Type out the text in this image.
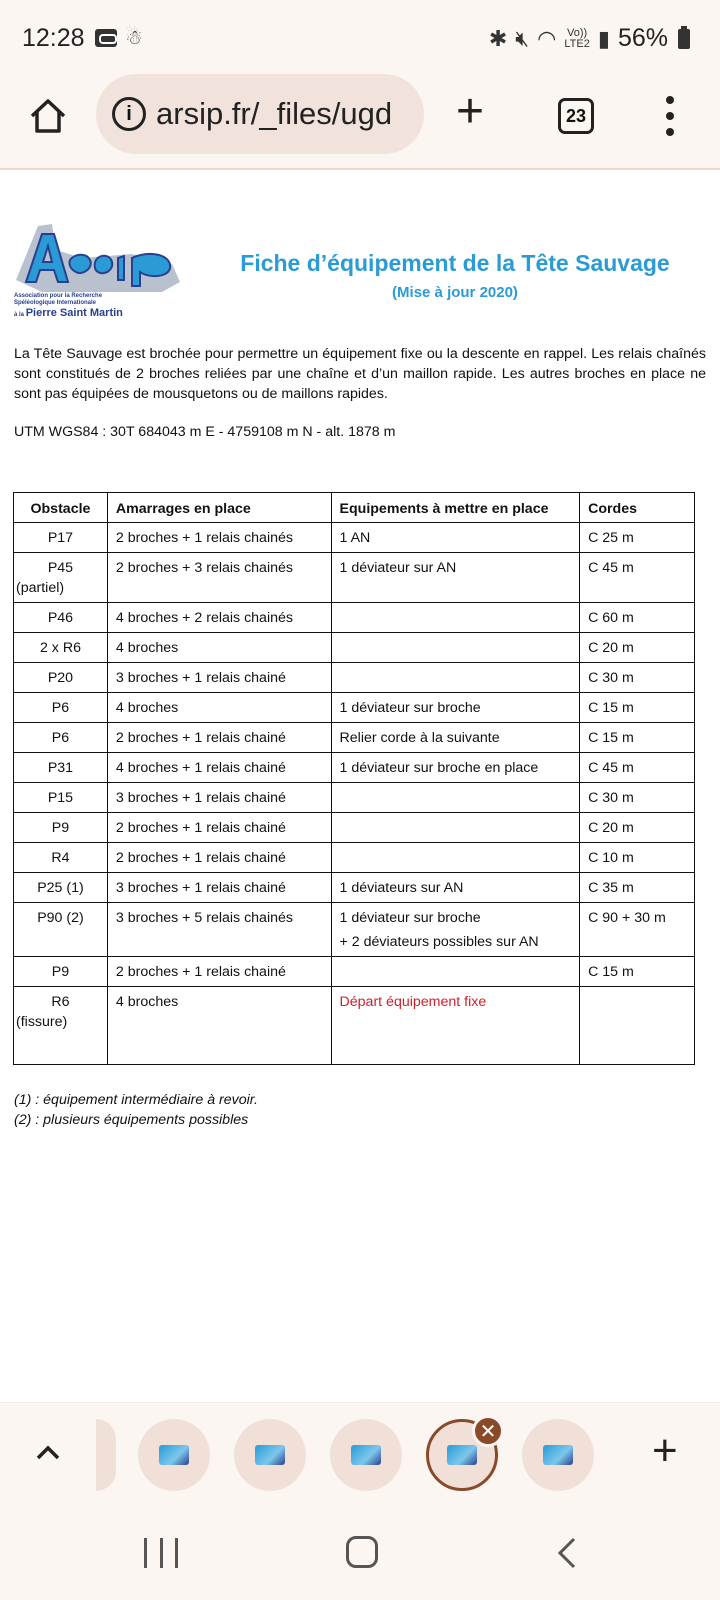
12:28 ☃	✱ 🔇︎ ◠ Vo))
LTE2 ▮ 56%
i arsip.fr/_files/ugd +	23
Association pour la Recherche
Spéléologique Internationale
à la Pierre Saint Martin
Fiche d’équipement de la Tête Sauvage
(Mise à jour 2020)

La Tête Sauvage est brochée pour permettre un équipement fixe ou la descente en rappel. Les relais chaînés sont constitués de 2 broches reliées par une chaîne et d’un maillon rapide. Les autres broches en place ne sont pas équipées de mousquetons ou de maillons rapides.

UTM WGS84 : 30T 684043 m E - 4759108 m N - alt. 1878 m
Obstacle	Amarrages en place	Equipements à mettre en place	Cordes

P17	2 broches + 1 relais chainés	1 AN	C 25 m

P45
(partiel)	2 broches + 3 relais chainés	1 déviateur sur AN	C 45 m

P46	4 broches + 2 relais chainés		C 60 m

2 x R6	4 broches		C 20 m

P20	3 broches + 1 relais chainé		C 30 m

P6	4 broches	1 déviateur sur broche	C 15 m

P6	2 broches + 1 relais chainé	Relier corde à la suivante	C 15 m

P31	4 broches + 1 relais chainé	1 déviateur sur broche en place	C 45 m

P15	3 broches + 1 relais chainé		C 30 m

P9	2 broches + 1 relais chainé		C 20 m

R4	2 broches + 1 relais chainé		C 10 m

P25 (1)	3 broches + 1 relais chainé	1 déviateurs sur AN	C 35 m

P90 (2)	3 broches + 5 relais chainés	1 déviateur sur broche
+ 2 déviateurs possibles sur AN	C 90 + 30 m

P9	2 broches + 1 relais chainé		C 15 m

R6
(fissure)	4 broches	Départ équipement fixe	

(1) : équipement intermédiaire à revoir.
(2) : plusieurs équipements possibles
✕	+
